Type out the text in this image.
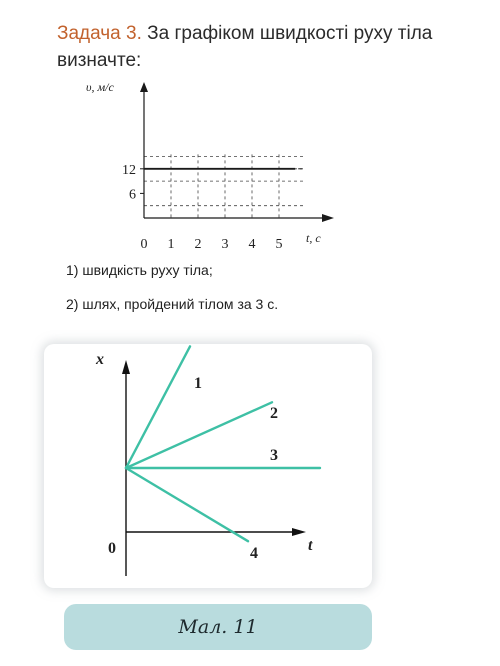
Задача 3. За графіком швидкості руху тіла визначте:
0 1 2 3 4 5
6
12
υ, м/с
t, с
1) швидкість руху тіла;
2) шлях, пройдений тілом за 3 с.
1
2
3
4
x
t
0
Мал. 11
